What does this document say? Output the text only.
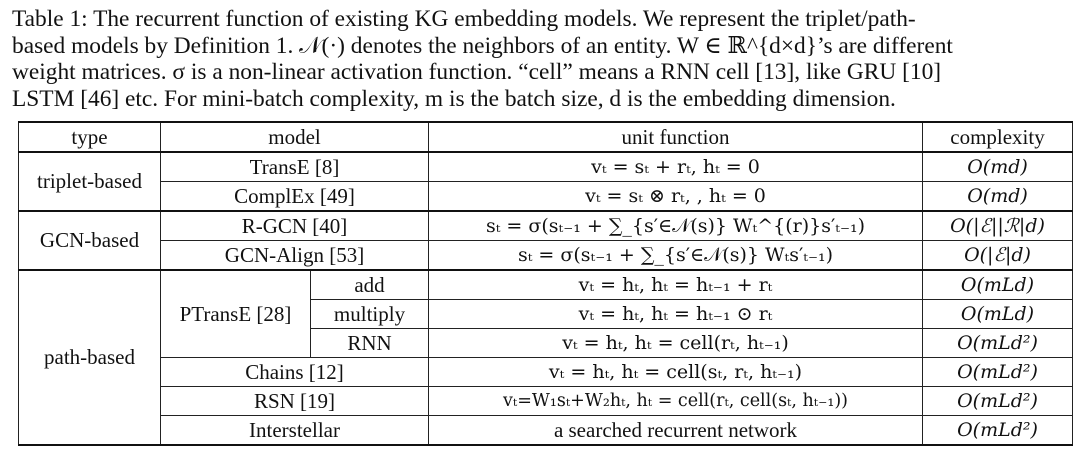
Table 1: The recurrent function of existing KG embedding models. We represent the triplet/path-
based models by Definition 1. 𝒩(·) denotes the neighbors of an entity. W ∈ ℝ^{d×d}’s are different
weight matrices. σ is a non-linear activation function. “cell” means a RNN cell [13], like GRU [10]
LSTM [46] etc. For mini-batch complexity, m is the batch size, d is the embedding dimension.
type	model		unit function	complexity
triplet-based	TransE [8]		vₜ = sₜ + rₜ, hₜ = 0	O(md)
	ComplEx [49]		vₜ = sₜ ⊗ rₜ, , hₜ = 0	O(md)
GCN-based	R-GCN [40]		sₜ = σ(sₜ₋₁ + ∑_{s′∈𝒩(s)} Wₜ^{(r)}s′ₜ₋₁)	O(|ℰ||ℛ|d)
	GCN-Align [53]		sₜ = σ(sₜ₋₁ + ∑_{s′∈𝒩(s)} Wₜs′ₜ₋₁)	O(|ℰ|d)
path-based	PTransE [28]	add	vₜ = hₜ, hₜ = hₜ₋₁ + rₜ	O(mLd)
		multiply	vₜ = hₜ, hₜ = hₜ₋₁ ⊙ rₜ	O(mLd)
		RNN	vₜ = hₜ, hₜ = cell(rₜ, hₜ₋₁)	O(mLd²)
	Chains [12]		vₜ = hₜ, hₜ = cell(sₜ, rₜ, hₜ₋₁)	O(mLd²)
	RSN [19]		vₜ=W₁sₜ+W₂hₜ, hₜ = cell(rₜ, cell(sₜ, hₜ₋₁))	O(mLd²)
	Interstellar		a searched recurrent network	O(mLd²)
